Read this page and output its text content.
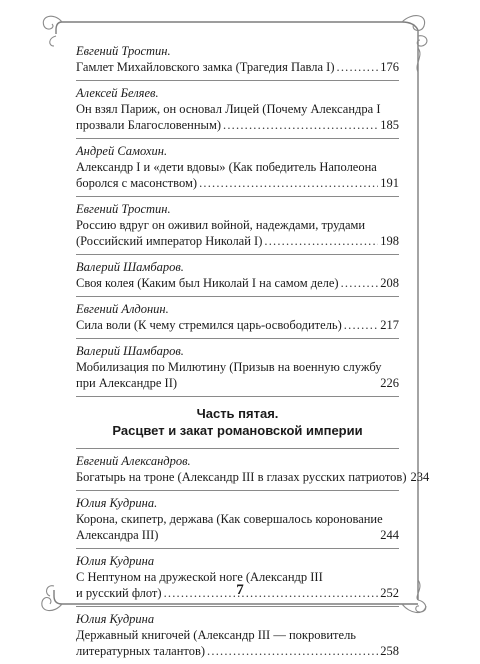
Евгений Тростин.
Гамлет Михайловского замка (Трагедия Павла I) .....	176
Алексей Беляев.
Он взял Париж, он основал Лицей (Почему Александра I
прозвали Благословенным) .....	185
Андрей Самохин.
Александр I и «дети вдовы» (Как победитель Наполеона
боролся с масонством) .....	191
Евгений Тростин.
Россию вдруг он оживил войной, надеждами, трудами
(Российский император Николай I) .....	198
Валерий Шамбаров.
Своя колея (Каким был Николай I на самом деле) .....	208
Евгений Алдонин.
Сила воли (К чему стремился царь-освободитель) .....	217
Валерий Шамбаров.
Мобилизация по Милютину (Призыв на военную службу
при Александре II)	226
Часть пятая.
Расцвет и закат романовской империи
Евгений Александров.
Богатырь на троне (Александр III в глазах русских патриотов) 234
Юлия Кудрина.
Корона, скипетр, держава (Как совершалось коронование
Александра III)	244
Юлия Кудрина
С Нептуном на дружеской ноге (Александр III
и русский флот) .....	252
Юлия Кудрина
Державный книгочей (Александр III — покровитель
литературных талантов) .....	258
7
